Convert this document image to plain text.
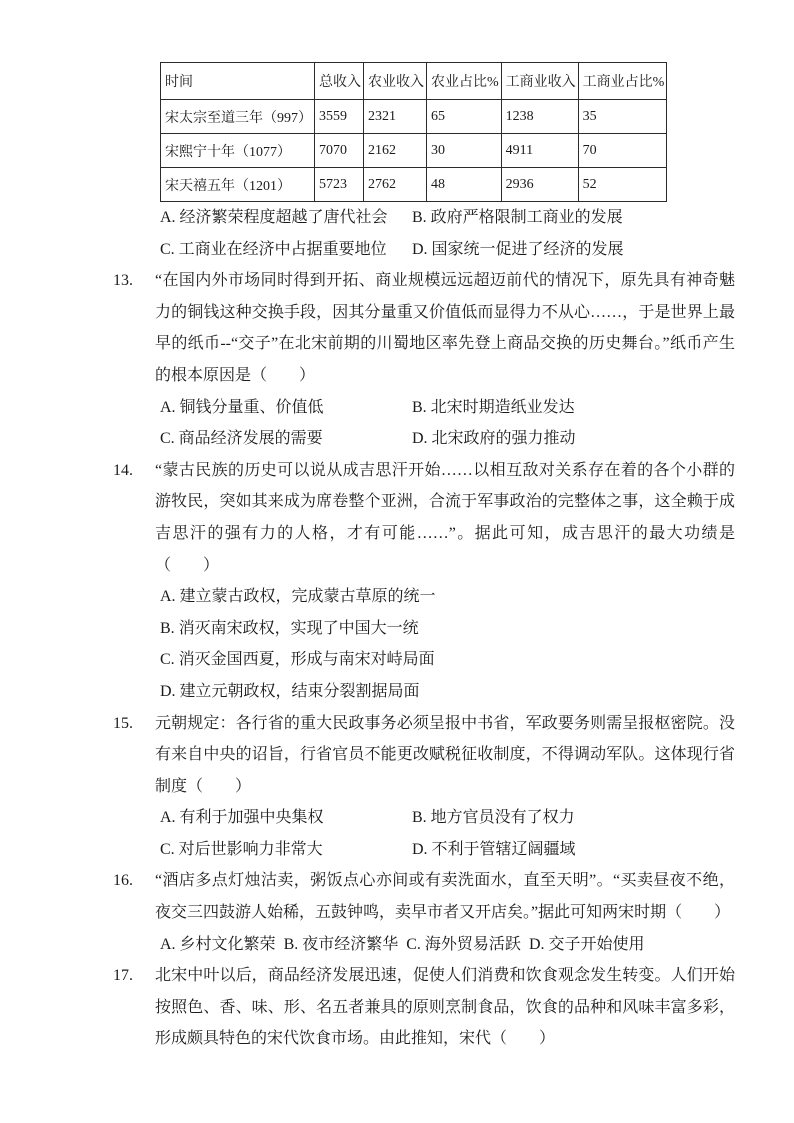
时间	总收入	农业收入	农业占比%	工商业收入	工商业占比%
宋太宗至道三年（997）	3559	2321	65	1238	35
宋熙宁十年（1077）	7070	2162	30	4911	70
宋天禧五年（1201）	5723	2762	48	2936	52
A. 经济繁荣程度超越了唐代社会	B. 政府严格限制工商业的发展
C. 工商业在经济中占据重要地位	D. 国家统一促进了经济的发展
13.	“在国内外市场同时得到开拓、商业规模远远超迈前代的情况下，原先具有神奇魅力的铜钱这种交换手段，因其分量重又价值低而显得力不从心……，于是世界上最早的纸币--“交子”在北宋前期的川蜀地区率先登上商品交换的历史舞台。”纸币产生的根本原因是（　　）
A. 铜钱分量重、价值低	B. 北宋时期造纸业发达
C. 商品经济发展的需要	D. 北宋政府的强力推动
14.	“蒙古民族的历史可以说从成吉思汗开始……以相互敌对关系存在着的各个小群的游牧民，突如其来成为席卷整个亚洲，合流于军事政治的完整体之事，这全赖于成吉思汗的强有力的人格，才有可能……”。据此可知，成吉思汗的最大功绩是（　　）
A. 建立蒙古政权，完成蒙古草原的统一
B. 消灭南宋政权，实现了中国大一统
C. 消灭金国西夏，形成与南宋对峙局面
D. 建立元朝政权，结束分裂割据局面
15.	元朝规定：各行省的重大民政事务必须呈报中书省，军政要务则需呈报枢密院。没有来自中央的诏旨，行省官员不能更改赋税征收制度，不得调动军队。这体现行省制度（　　）
A. 有利于加强中央集权	B. 地方官员没有了权力
C. 对后世影响力非常大	D. 不利于管辖辽阔疆域
16.	“酒店多点灯烛沽卖，粥饭点心亦间或有卖洗面水，直至天明”。“买卖昼夜不绝，夜交三四鼓游人始稀，五鼓钟鸣，卖早市者又开店矣。”据此可知两宋时期（　　）
A. 乡村文化繁荣 B. 夜市经济繁华 C. 海外贸易活跃 D. 交子开始使用
17.	北宋中叶以后，商品经济发展迅速，促使人们消费和饮食观念发生转变。人们开始按照色、香、味、形、名五者兼具的原则烹制食品，饮食的品种和风味丰富多彩，形成颇具特色的宋代饮食市场。由此推知，宋代（　　）
